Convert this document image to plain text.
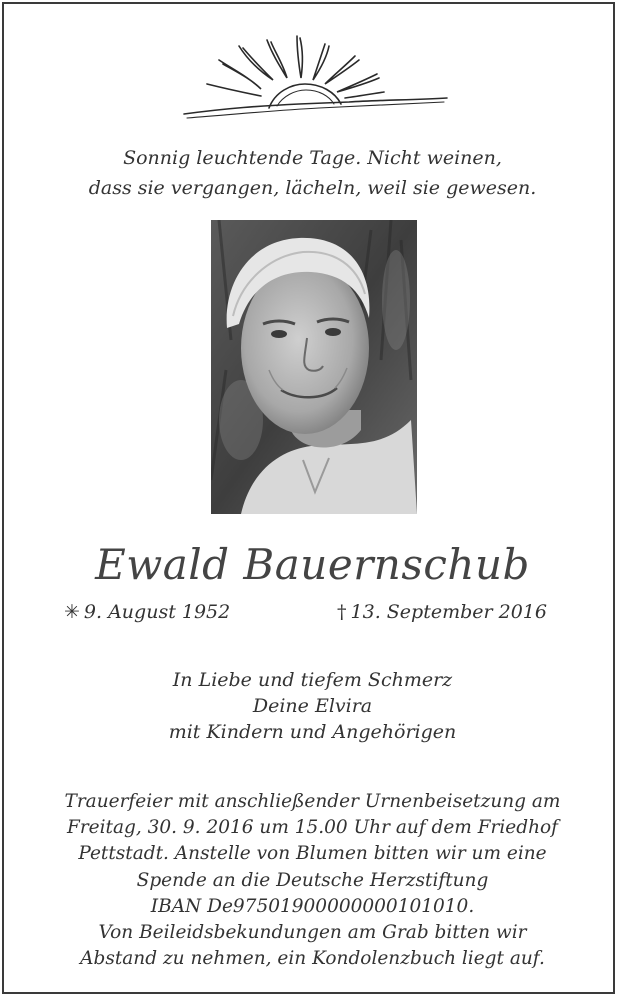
Sonnig leuchtende Tage. Nicht weinen,
dass sie vergangen, lächeln, weil sie gewesen.
Ewald Bauernschub
✳ 9. August 1952	† 13. September 2016
In Liebe und tiefem Schmerz
Deine Elvira
mit Kindern und Angehörigen
Trauerfeier mit anschließender Urnenbeisetzung am
Freitag, 30. 9. 2016 um 15.00 Uhr auf dem Friedhof
Pettstadt. Anstelle von Blumen bitten wir um eine
Spende an die Deutsche Herzstiftung
IBAN De97501900000000101010.
Von Beileidsbekundungen am Grab bitten wir
Abstand zu nehmen, ein Kondolenzbuch liegt auf.
